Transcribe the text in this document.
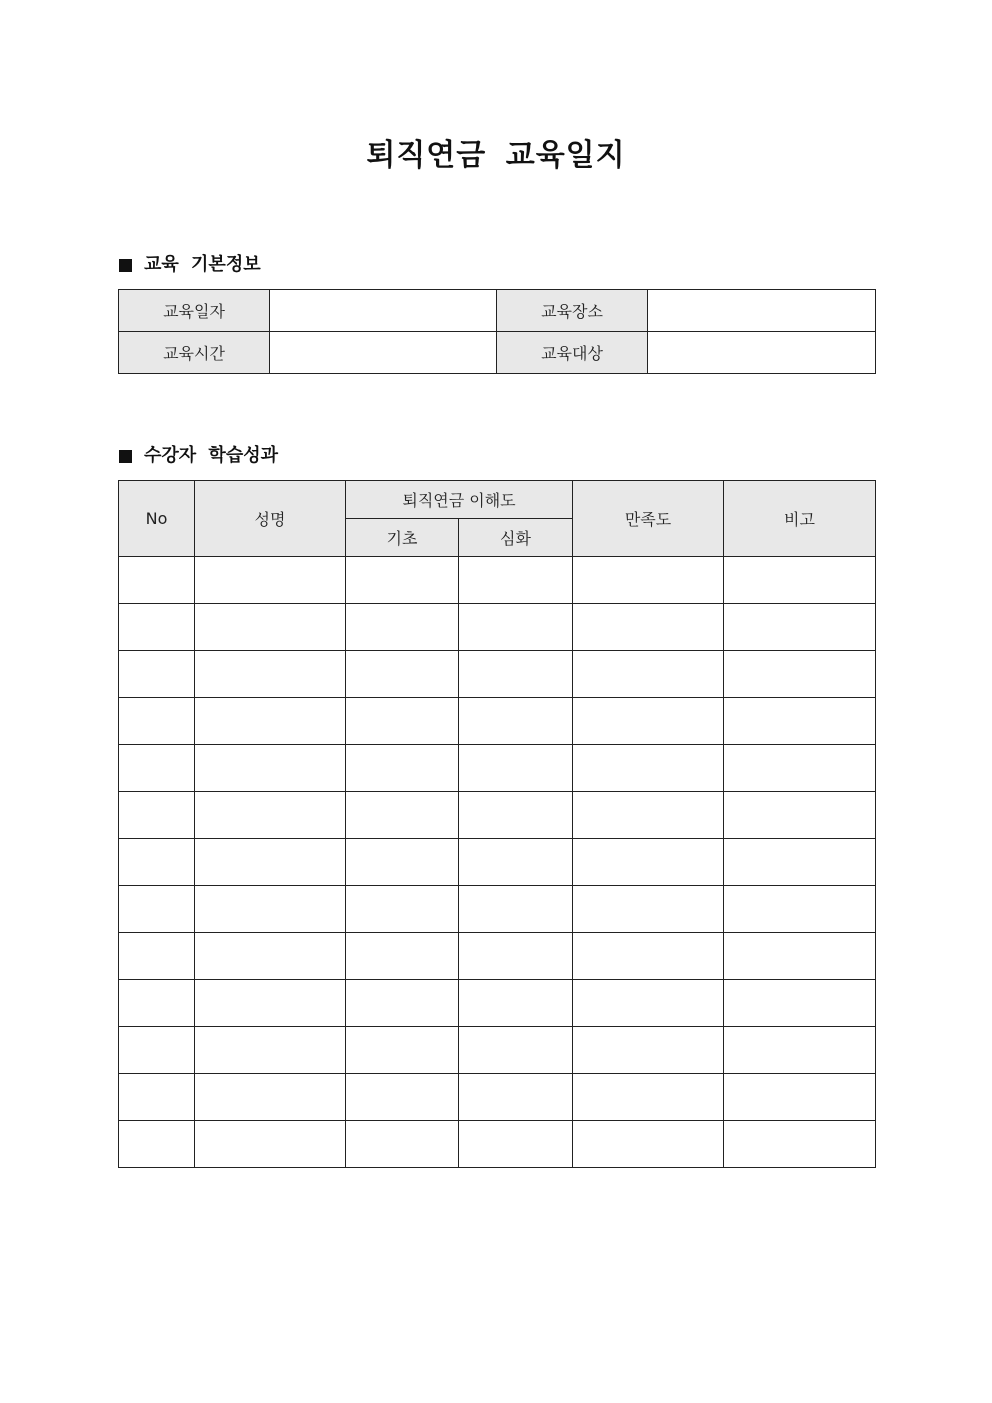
퇴직연금 교육일지
교육 기본정보
교육일자		교육장소	
교육시간		교육대상	
수강자 학습성과
No	성명	퇴직연금 이해도		만족도	비고
		기초	심화		
